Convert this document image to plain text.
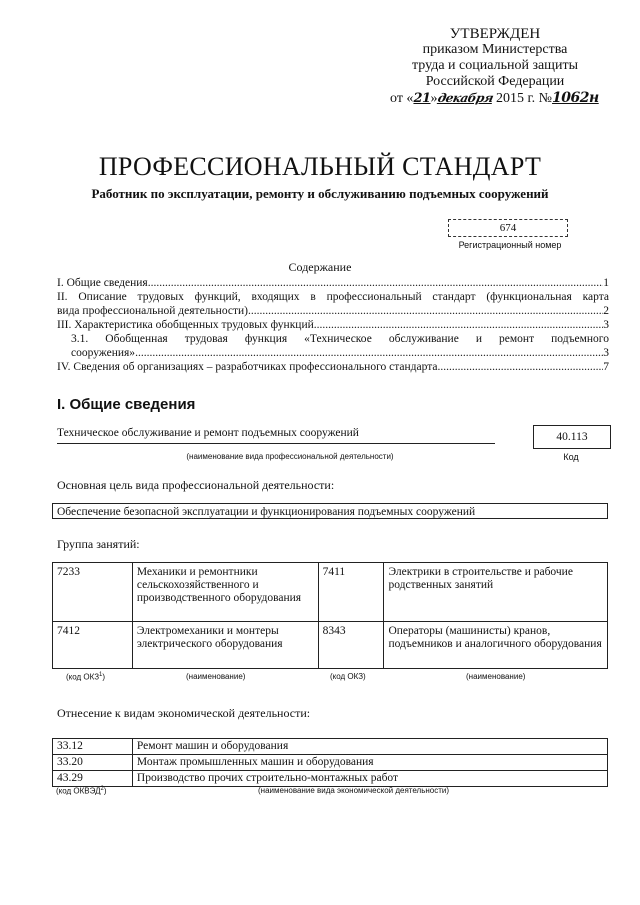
УТВЕРЖДЕН
приказом Министерства
труда и социальной защиты
Российской Федерации
от «21»декабря 2015 г. №1062н
ПРОФЕССИОНАЛЬНЫЙ СТАНДАРТ
Работник по эксплуатации, ремонту и обслуживанию подъемных сооружений
674
Регистрационный номер
Содержание
I. Общие сведения .....	1
II. Описание трудовых функций, входящих в профессиональный стандарт (функциональная карта
вида профессиональной деятельности) .....	2
III. Характеристика обобщенных трудовых функций .....	3
3.1. Обобщенная трудовая функция «Техническое обслуживание и ремонт подъемного
сооружения» .....	3
IV. Сведения об организациях – разработчиках профессионального стандарта .....	7
I. Общие сведения
Техническое обслуживание и ремонт подъемных сооружений
(наименование вида профессиональной деятельности)
40.113
Код
Основная цель вида профессиональной деятельности:
Обеспечение безопасной эксплуатации и функционирования подъемных сооружений
Группа занятий:
7233	Механики и ремонтники сельскохозяйственного и производственного оборудования	7411	Электрики в строительстве и рабочие родственных занятий
7412	Электромеханики и монтеры электрического оборудования	8343	Операторы (машинисты) кранов, подъемников и аналогичного оборудования
(код ОКЗ$^1$)	(наименование)	(код ОКЗ)	(наименование)
Отнесение к видам экономической деятельности:
33.12	Ремонт машин и оборудования
33.20	Монтаж промышленных машин и оборудования
43.29	Производство прочих строительно-монтажных работ
(код ОКВЭД$^2$)	(наименование вида экономической деятельности)
